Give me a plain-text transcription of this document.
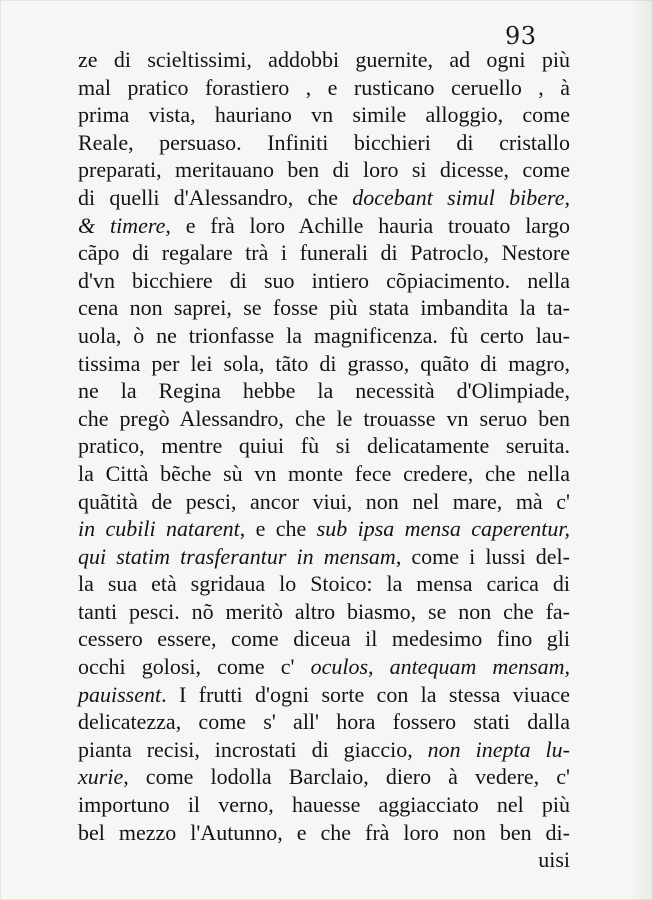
93
ze di scieltissimi, addobbi guernite, ad ogni più
mal pratico forastiero , e rusticano ceruello , à
prima vista, hauriano vn simile alloggio, come
Reale, persuaso. Infiniti bicchieri di cristallo
preparati, meritauano ben di loro si dicesse, come
di quelli d'Alessandro, che docebant simul bibere,
& timere, e frà loro Achille hauria trouato largo
cãpo di regalare trà i funerali di Patroclo, Nestore
d'vn bicchiere di suo intiero cõpiacimento. nella
cena non saprei, se fosse più stata imbandita la ta-
uola, ò ne trionfasse la magnificenza. fù certo lau-
tissima per lei sola, tãto di grasso, quãto di magro,
ne la Regina hebbe la necessità d'Olimpiade,
che pregò Alessandro, che le trouasse vn seruo ben
pratico, mentre quiui fù si delicatamente seruita.
la Città bẽche sù vn monte fece credere, che nella
quãtità de pesci, ancor viui, non nel mare, mà c'
in cubili natarent, e che sub ipsa mensa caperentur,
qui statim trasferantur in mensam, come i lussi del-
la sua età sgridaua lo Stoico: la mensa carica di
tanti pesci. nõ meritò altro biasmo, se non che fa-
cessero essere, come diceua il medesimo fino gli
occhi golosi, come c' oculos, antequam mensam,
pauissent. I frutti d'ogni sorte con la stessa viuace
delicatezza, come s' all' hora fossero stati dalla
pianta recisi, incrostati di giaccio, non inepta lu-
xurie, come lodolla Barclaio, diero à vedere, c'
importuno il verno, hauesse aggiacciato nel più
bel mezzo l'Autunno, e che frà loro non ben di-
uisi
